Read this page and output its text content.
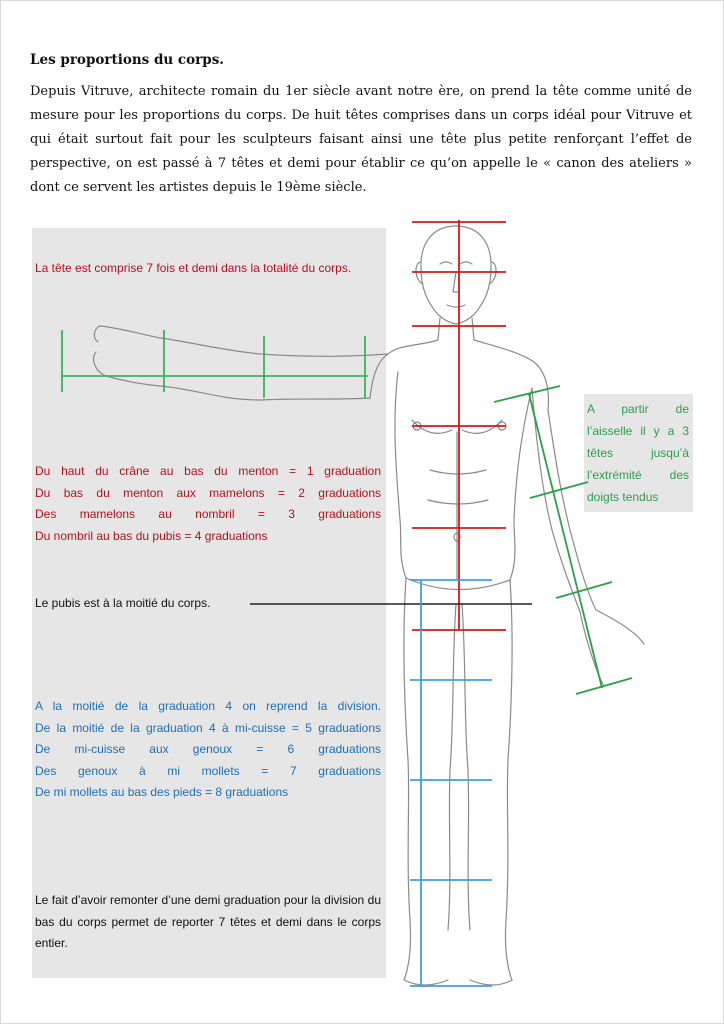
Les proportions du corps.
Depuis Vitruve, architecte romain du 1er siècle avant notre ère, on prend la tête comme unité de mesure pour les proportions du corps. De huit têtes comprises dans un corps idéal pour Vitruve et qui était surtout fait pour les sculpteurs faisant ainsi une tête plus petite renforçant l’effet de perspective, on est passé à 7 têtes et demi pour établir ce qu’on appelle le « canon des ateliers » dont ce servent les artistes depuis le 19ème siècle.
La tête est comprise 7 fois et demi dans la totalité du corps.
Du haut du crâne au bas du menton = 1 graduation
Du bas du menton aux mamelons = 2 graduations
Des mamelons au nombril = 3 graduations
Du nombril au bas du pubis = 4 graduations
Le pubis est à la moitié du corps.
A la moitié de la graduation 4 on reprend la division.
De la moitié de la graduation 4 à mi-cuisse = 5 graduations
De mi-cuisse aux genoux = 6 graduations
Des genoux à mi mollets = 7 graduations
De mi mollets au bas des pieds = 8 graduations
Le fait d’avoir remonter d’une demi graduation pour la division du bas du corps permet de reporter 7 têtes et demi dans le corps entier.
A partir de l’aisselle il y a 3 têtes jusqu’à l’extrémité des doigts tendus
